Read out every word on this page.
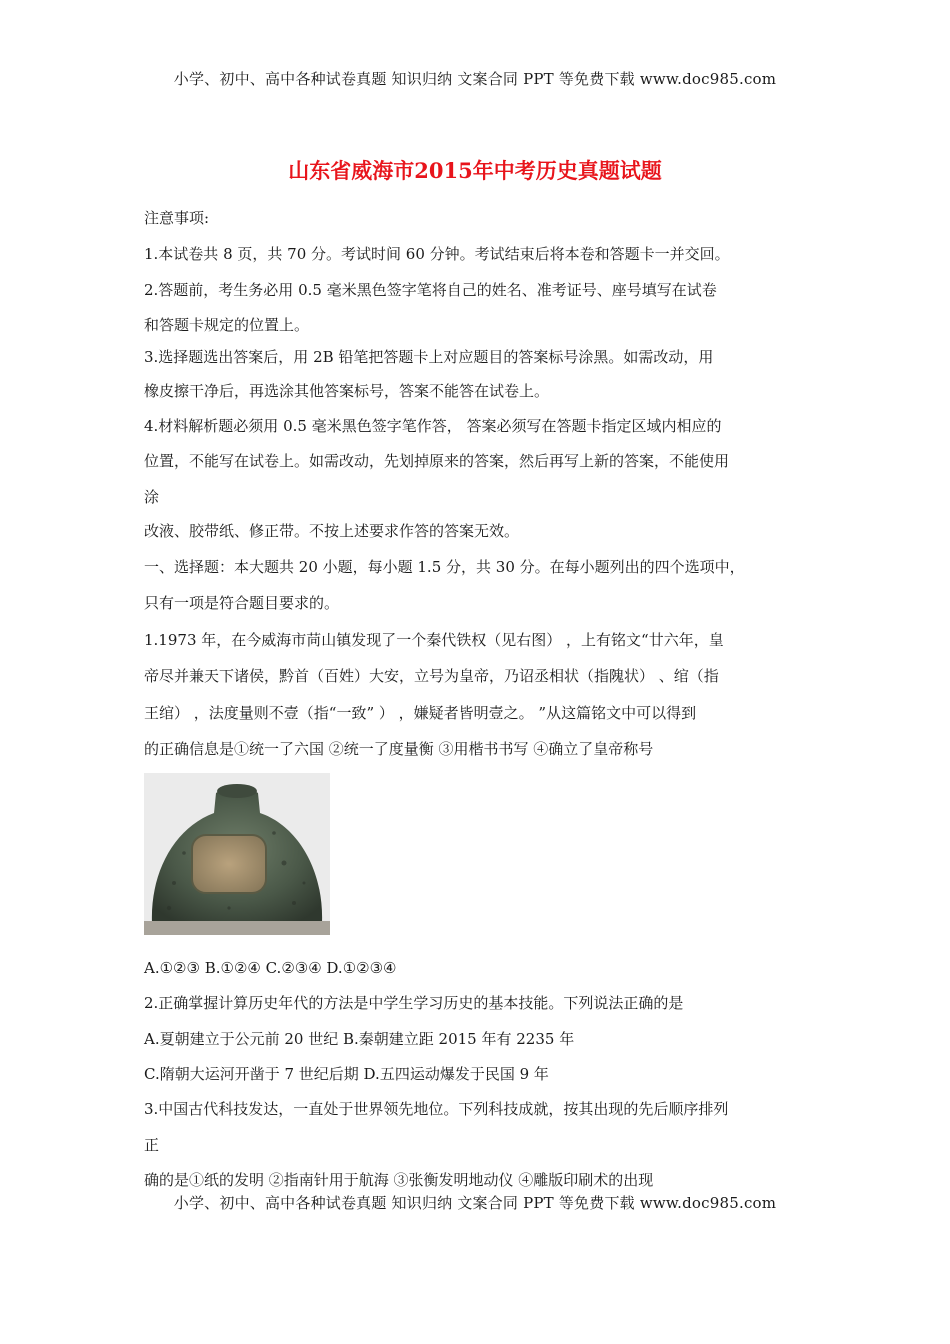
小学、初中、高中各种试卷真题 知识归纳 文案合同 PPT 等免费下载 www.doc985.com
山东省威海市2015年中考历史真题试题
注意事项:
1.本试卷共 8 页，共 70 分。考试时间 60 分钟。考试结束后将本卷和答题卡一并交回。
2.答题前，考生务必用 0.5 毫米黑色签字笔将自己的姓名、准考证号、座号填写在试卷
和答题卡规定的位置上。
3.选择题选出答案后，用 2B 铅笔把答题卡上对应题目的答案标号涂黑。如需改动，用
橡皮擦干净后，再选涂其他答案标号，答案不能答在试卷上。
4.材料解析题必须用 0.5 毫米黑色签字笔作答， 答案必须写在答题卡指定区域内相应的
位置，不能写在试卷上。如需改动，先划掉原来的答案，然后再写上新的答案，不能使用
涂
改液、胶带纸、修正带。不按上述要求作答的答案无效。
一、选择题：本大题共 20 小题，每小题 1.5 分，共 30 分。在每小题列出的四个选项中，
只有一项是符合题目要求的。
1.1973 年，在今威海市苘山镇发现了一个秦代铁权（见右图） ，上有铭文“廿六年，皇
帝尽并兼天下诸侯，黔首（百姓）大安，立号为皇帝，乃诏丞相状（指隗状） 、绾（指
王绾） ，法度量则不壹（指“一致” ） ，嫌疑者皆明壹之。 ”从这篇铭文中可以得到
的正确信息是①统一了六国 ②统一了度量衡 ③用楷书书写 ④确立了皇帝称号
A.①②③ B.①②④ C.②③④ D.①②③④
2.正确掌握计算历史年代的方法是中学生学习历史的基本技能。下列说法正确的是
A.夏朝建立于公元前 20 世纪 B.秦朝建立距 2015 年有 2235 年
C.隋朝大运河开凿于 7 世纪后期 D.五四运动爆发于民国 9 年
3.中国古代科技发达，一直处于世界领先地位。下列科技成就，按其出现的先后顺序排列
正
确的是①纸的发明 ②指南针用于航海 ③张衡发明地动仪 ④雕版印刷术的出现
小学、初中、高中各种试卷真题 知识归纳 文案合同 PPT 等免费下载 www.doc985.com
